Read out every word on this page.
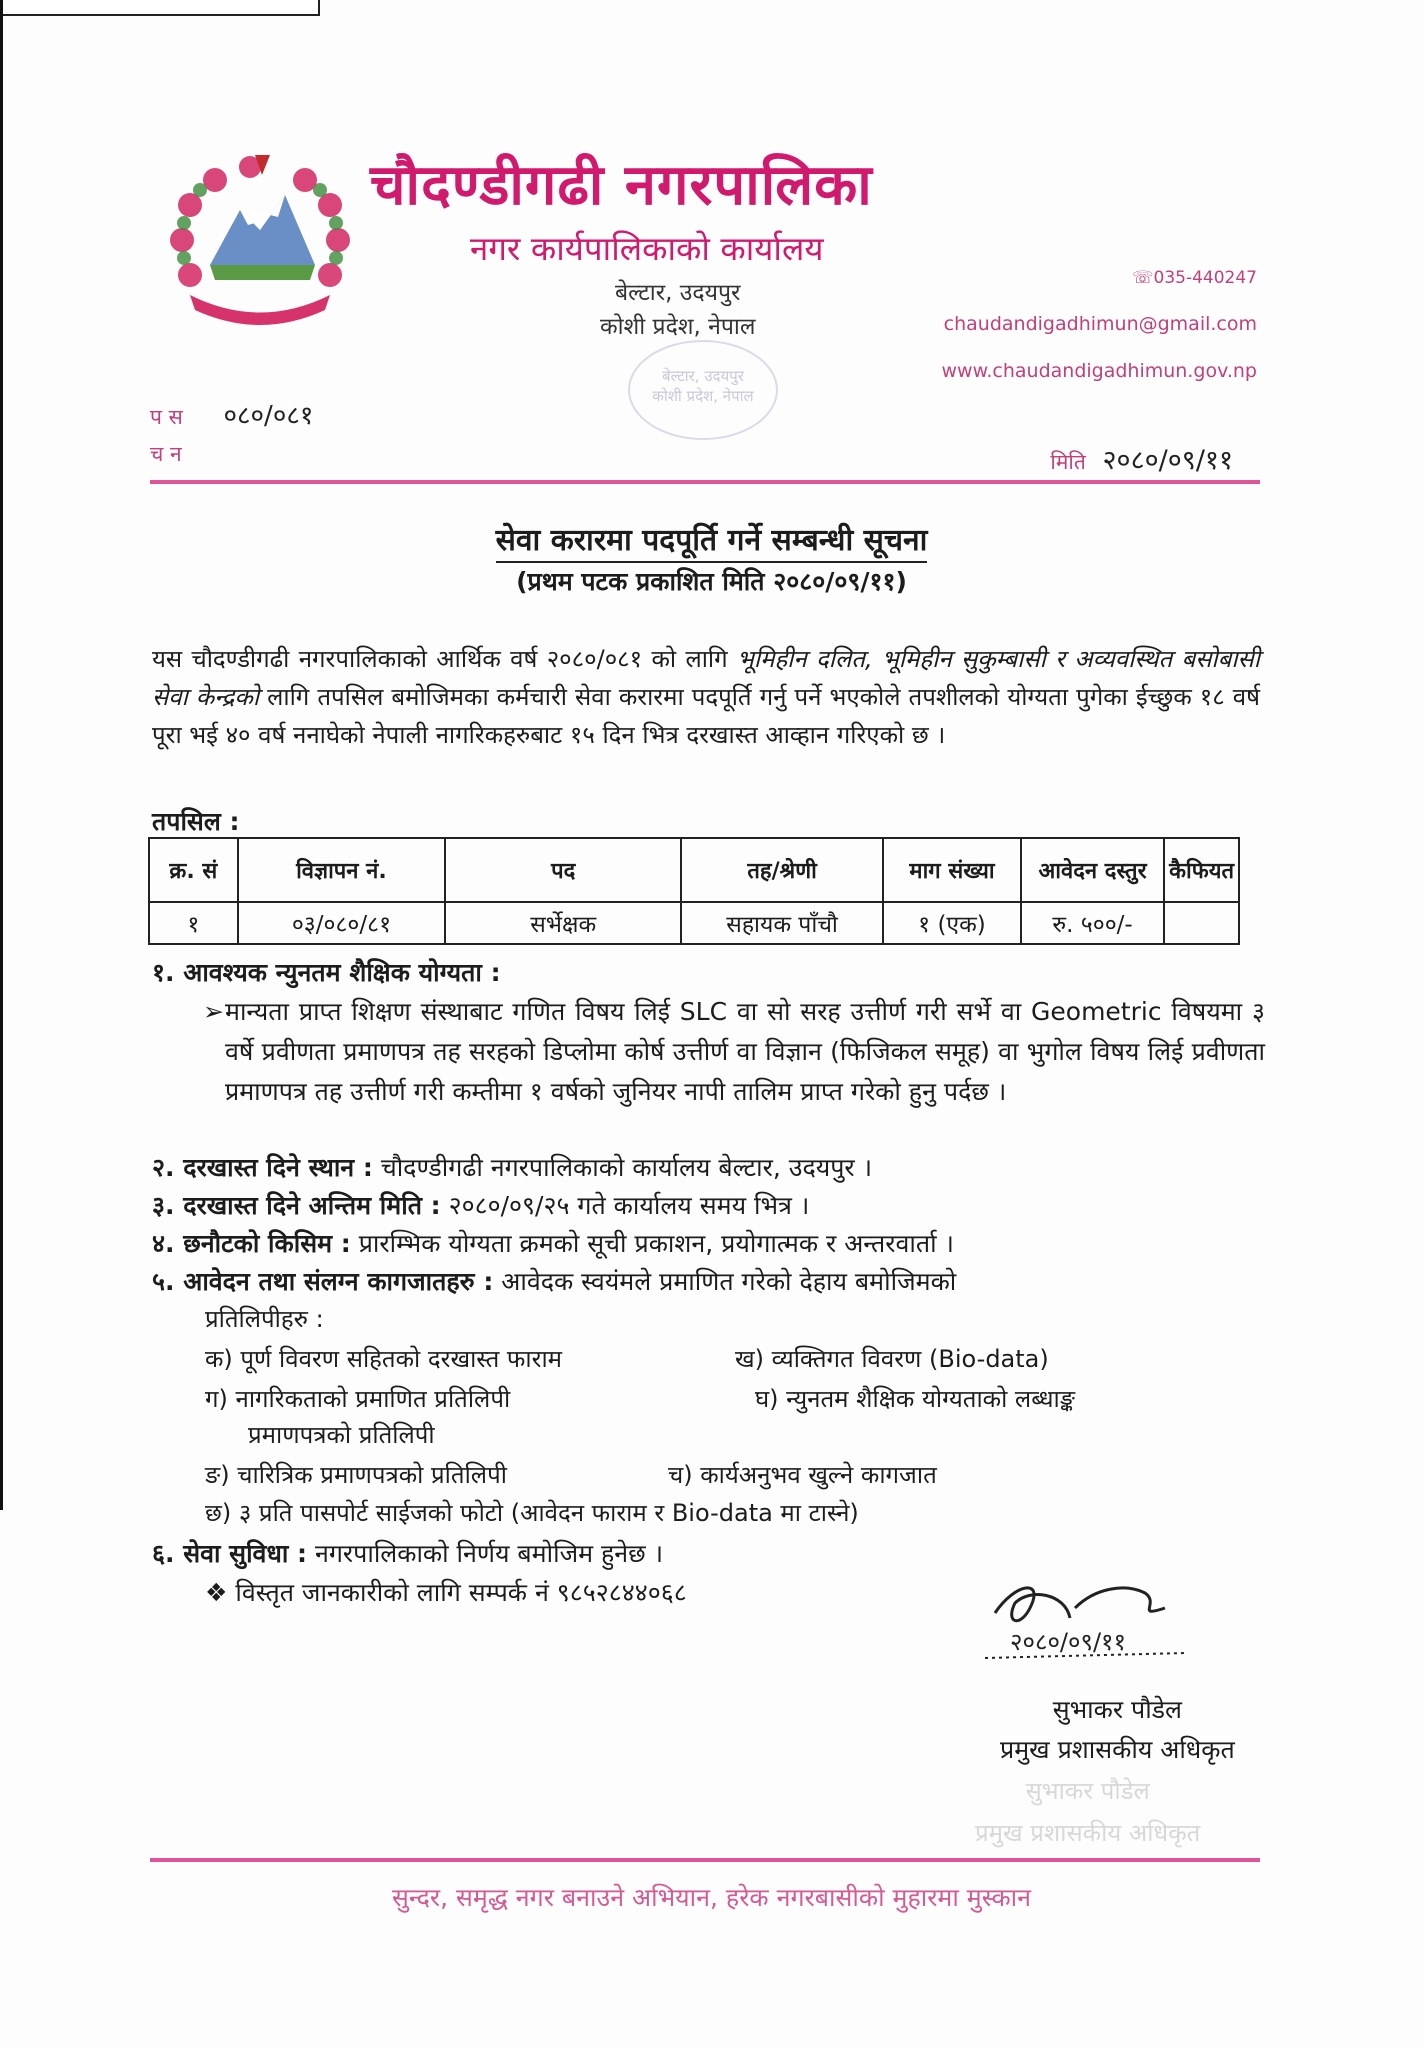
चौदण्डीगढी नगरपालिका
नगर कार्यपालिकाको कार्यालय
बेल्टार, उदयपुर
कोशी प्रदेश, नेपाल
बेल्टार, उदयपुर
कोशी प्रदेश, नेपाल
☏035-440247
chaudandigadhimun@gmail.com
www.chaudandigadhimun.gov.np
प स ०८०/०८१
च न	मिति २०८०/०९/११
सेवा करारमा पदपूर्ति गर्ने सम्बन्धी सूचना
(प्रथम पटक प्रकाशित मिति २०८०/०९/११)
यस चौदण्डीगढी नगरपालिकाको आर्थिक वर्ष २०८०/०८१ को लागि भूमिहीन दलित, भूमिहीन सुकुम्बासी र अव्यवस्थित बसोबासी सेवा केन्द्रको लागि तपसिल बमोजिमका कर्मचारी सेवा करारमा पदपूर्ति गर्नु पर्ने भएकोले तपशीलको योग्यता पुगेका ईच्छुक १८ वर्ष पूरा भई ४० वर्ष ननाघेको नेपाली नागरिकहरुबाट १५ दिन भित्र दरखास्त आव्हान गरिएको छ ।
तपसिल :
क्र. सं	विज्ञापन नं.	पद	तह/श्रेणी	माग संख्या	आवेदन दस्तुर	कैफियत
१	०३/०८०/८१	सर्भेक्षक	सहायक पाँचौ	१ (एक)	रु. ५००/-	
१. आवश्यक न्युनतम शैक्षिक योग्यता :
➢ मान्यता प्राप्त शिक्षण संस्थाबाट गणित विषय लिई SLC वा सो सरह उत्तीर्ण गरी सर्भे वा Geometric विषयमा ३ वर्षे प्रवीणता प्रमाणपत्र तह सरहको डिप्लोमा कोर्ष उत्तीर्ण वा विज्ञान (फिजिकल समूह) वा भुगोल विषय लिई प्रवीणता प्रमाणपत्र तह उत्तीर्ण गरी कम्तीमा १ वर्षको जुनियर नापी तालिम प्राप्त गरेको हुनु पर्दछ ।
२. दरखास्त दिने स्थान : चौदण्डीगढी नगरपालिकाको कार्यालय बेल्टार, उदयपुर ।
३. दरखास्त दिने अन्तिम मिति : २०८०/०९/२५ गते कार्यालय समय भित्र ।
४. छनौटको किसिम : प्रारम्भिक योग्यता क्रमको सूची प्रकाशन, प्रयोगात्मक र अन्तरवार्ता ।
५. आवेदन तथा संलग्न कागजातहरु : आवेदक स्वयंमले प्रमाणित गरेको देहाय बमोजिमको
प्रतिलिपीहरु :
क) पूर्ण विवरण सहितको दरखास्त फाराम	ख) व्यक्तिगत विवरण (Bio-data)
ग) नागरिकताको प्रमाणित प्रतिलिपी	घ) न्युनतम शैक्षिक योग्यताको लब्धाङ्क
प्रमाणपत्रको प्रतिलिपी
ङ) चारित्रिक प्रमाणपत्रको प्रतिलिपी	च) कार्यअनुभव खुल्ने कागजात
छ) ३ प्रति पासपोर्ट साईजको फोटो (आवेदन फाराम र Bio-data मा टास्ने)
६. सेवा सुविधा : नगरपालिकाको निर्णय बमोजिम हुनेछ ।
❖ विस्तृत जानकारीको लागि सम्पर्क नं ९८५२८४४०६८
२०८०/०९/११
सुभाकर पौडेल
प्रमुख प्रशासकीय अधिकृत
सुभाकर पौडेल
प्रमुख प्रशासकीय अधिकृत
सुन्दर, समृद्ध नगर बनाउने अभियान, हरेक नगरबासीको मुहारमा मुस्कान
